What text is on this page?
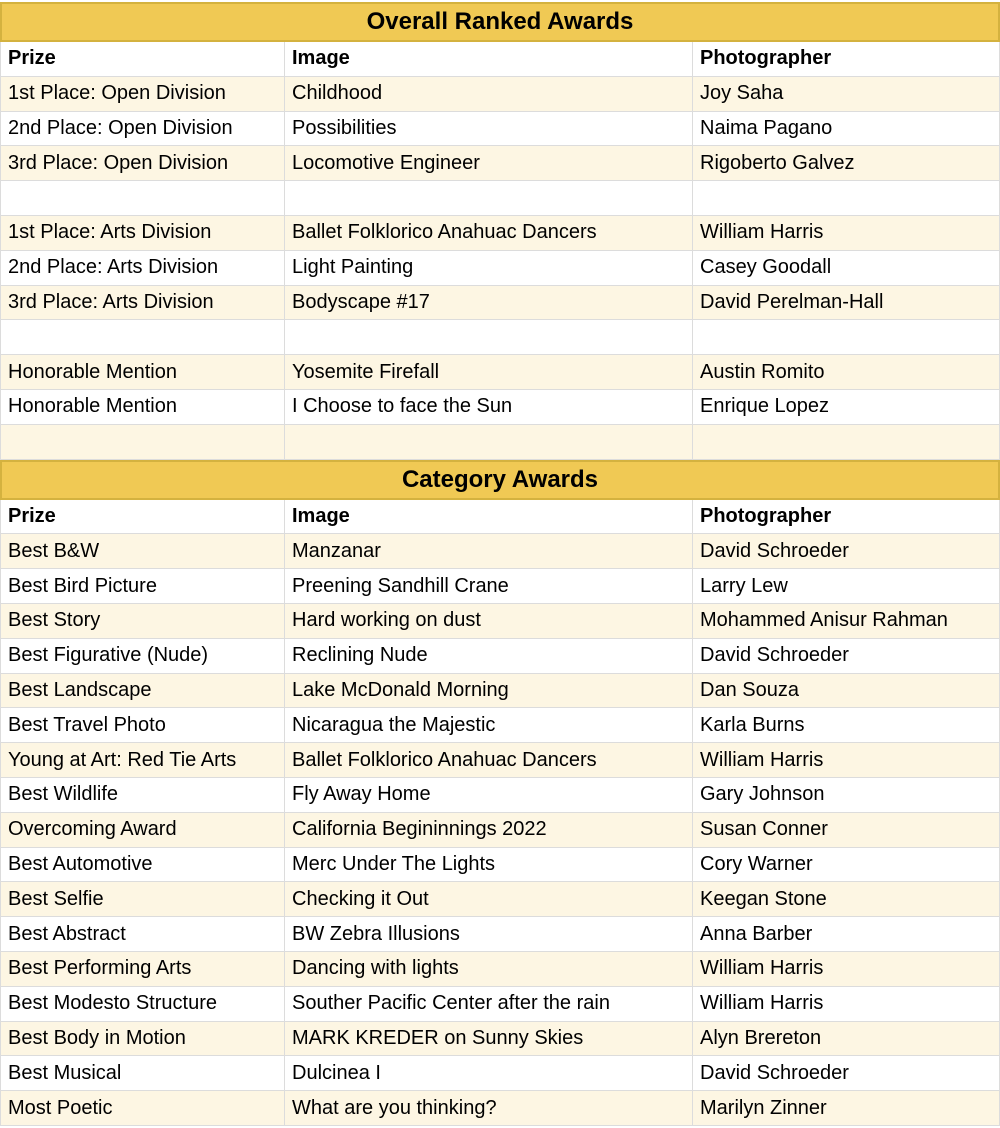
Overall Ranked Awards
Prize	Image	Photographer
1st Place: Open Division	Childhood	Joy Saha
2nd Place: Open Division	Possibilities	Naima Pagano
3rd Place: Open Division	Locomotive Engineer	Rigoberto Galvez
1st Place: Arts Division	Ballet Folklorico Anahuac Dancers	William Harris
2nd Place: Arts Division	Light Painting	Casey Goodall
3rd Place: Arts Division	Bodyscape #17	David Perelman-Hall
Honorable Mention	Yosemite Firefall	Austin Romito
Honorable Mention	I Choose to face the Sun	Enrique Lopez
Category Awards
Prize	Image	Photographer
Best B&W	Manzanar	David Schroeder
Best Bird Picture	Preening Sandhill Crane	Larry Lew
Best Story	Hard working on dust	Mohammed Anisur Rahman
Best Figurative (Nude)	Reclining Nude	David Schroeder
Best Landscape	Lake McDonald Morning	Dan Souza
Best Travel Photo	Nicaragua the Majestic	Karla Burns
Young at Art: Red Tie Arts	Ballet Folklorico Anahuac Dancers	William Harris
Best Wildlife	Fly Away Home	Gary Johnson
Overcoming Award	California Begininnings 2022	Susan Conner
Best Automotive	Merc Under The Lights	Cory Warner
Best Selfie	Checking it Out	Keegan Stone
Best Abstract	BW Zebra Illusions	Anna Barber
Best Performing Arts	Dancing with lights	William Harris
Best Modesto Structure	Souther Pacific Center after the rain	William Harris
Best Body in Motion	MARK KREDER on Sunny Skies	Alyn Brereton
Best Musical	Dulcinea I	David Schroeder
Most Poetic	What are you thinking?	Marilyn Zinner
